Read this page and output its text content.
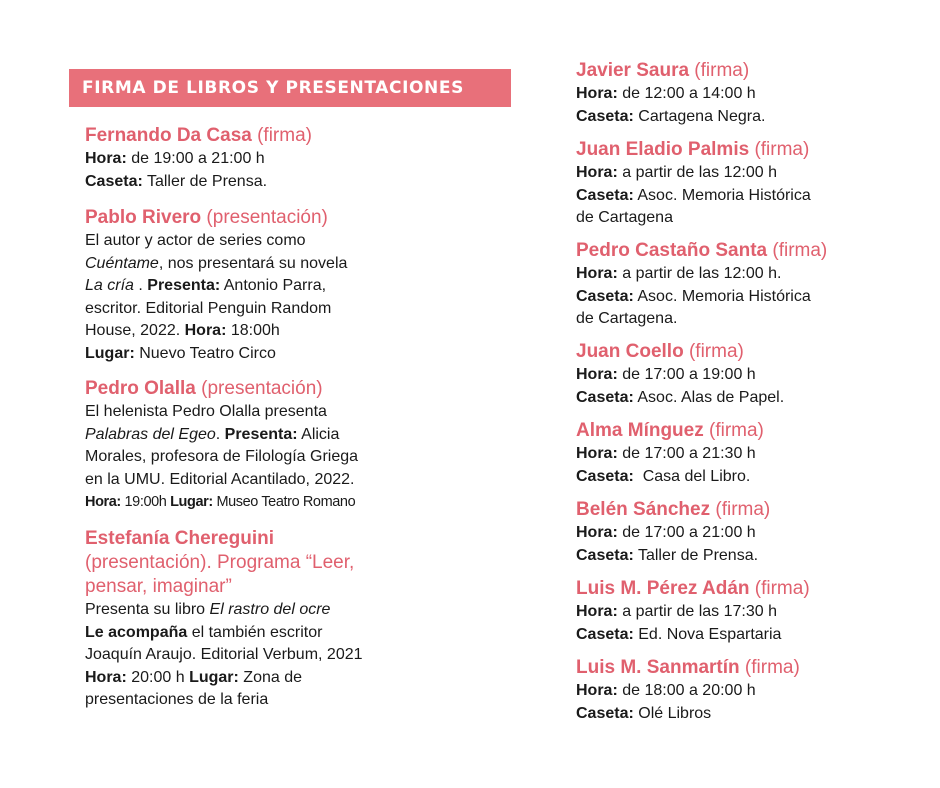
FIRMA DE LIBROS Y PRESENTACIONES
Fernando Da Casa (firma)
Hora: de 19:00 a 21:00 h
Caseta: Taller de Prensa.
Pablo Rivero (presentación)
El autor y actor de series como
Cuéntame, nos presentará su novela
La cría . Presenta: Antonio Parra,
escritor. Editorial Penguin Random
House, 2022. Hora: 18:00h
Lugar: Nuevo Teatro Circo
Pedro Olalla (presentación)
El helenista Pedro Olalla presenta
Palabras del Egeo. Presenta: Alicia
Morales, profesora de Filología Griega
en la UMU. Editorial Acantilado, 2022.
Hora: 19:00h Lugar: Museo Teatro Romano
Estefanía Chereguini
(presentación). Programa “Leer,
pensar, imaginar”
Presenta su libro El rastro del ocre
Le acompaña el también escritor
Joaquín Araujo. Editorial Verbum, 2021
Hora: 20:00 h Lugar: Zona de
presentaciones de la feria
Javier Saura (firma)
Hora: de 12:00 a 14:00 h
Caseta: Cartagena Negra.
Juan Eladio Palmis (firma)
Hora: a partir de las 12:00 h
Caseta: Asoc. Memoria Histórica
de Cartagena
Pedro Castaño Santa (firma)
Hora: a partir de las 12:00 h.
Caseta: Asoc. Memoria Histórica
de Cartagena.
Juan Coello (firma)
Hora: de 17:00 a 19:00 h
Caseta: Asoc. Alas de Papel.
Alma Mínguez (firma)
Hora: de 17:00 a 21:30 h
Caseta:  Casa del Libro.
Belén Sánchez (firma)
Hora: de 17:00 a 21:00 h
Caseta: Taller de Prensa.
Luis M. Pérez Adán (firma)
Hora: a partir de las 17:30 h
Caseta: Ed. Nova Espartaria
Luis M. Sanmartín (firma)
Hora: de 18:00 a 20:00 h
Caseta: Olé Libros
